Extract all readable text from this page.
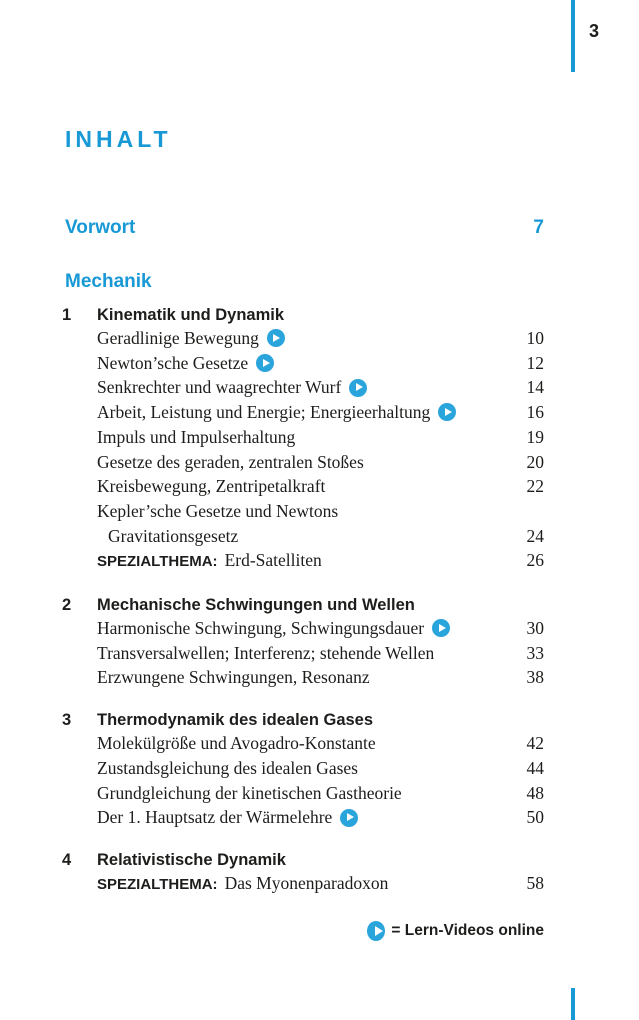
3
INHALT
Vorwort	7
Mechanik
1	Kinematik und Dynamik
Geradlinige Bewegung	10
Newton’sche Gesetze	12
Senkrechter und waagrechter Wurf	14
Arbeit, Leistung und Energie; Energieerhaltung	16
Impuls und Impulserhaltung	19
Gesetze des geraden, zentralen Stoßes	20
Kreisbewegung, Zentripetalkraft	22
Kepler’sche Gesetze und Newtons
Gravitationsgesetz	24
SPEZIALTHEMA: Erd-Satelliten	26
2	Mechanische Schwingungen und Wellen
Harmonische Schwingung, Schwingungsdauer	30
Transversalwellen; Interferenz; stehende Wellen	33
Erzwungene Schwingungen, Resonanz	38
3	Thermodynamik des idealen Gases
Molekülgröße und Avogadro-Konstante	42
Zustandsgleichung des idealen Gases	44
Grundgleichung der kinetischen Gastheorie	48
Der 1. Hauptsatz der Wärmelehre	50
4	Relativistische Dynamik
SPEZIALTHEMA: Das Myonenparadoxon	58
= Lern-Videos online
